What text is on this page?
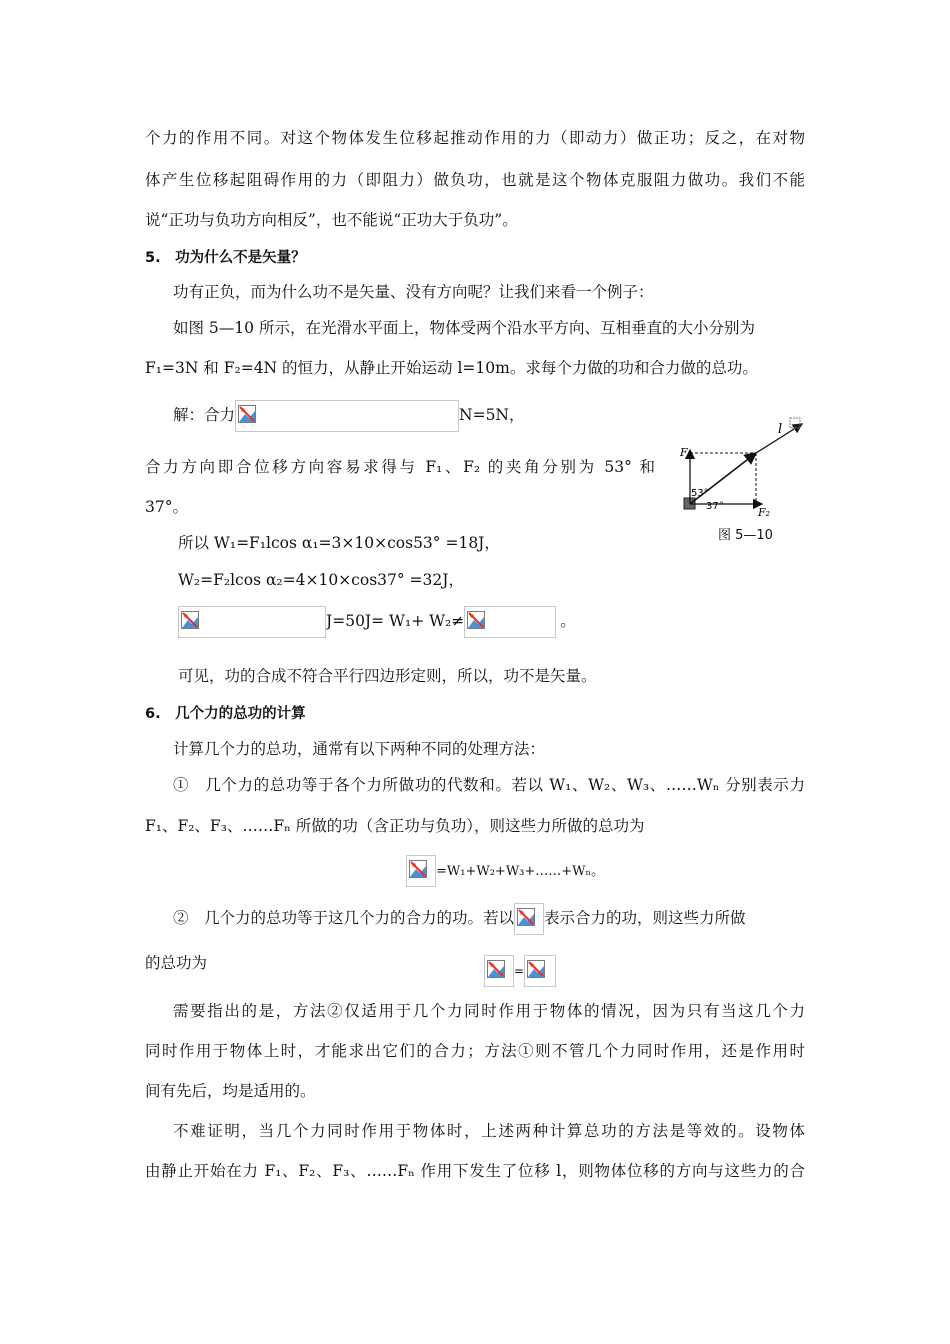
个力的作用不同。对这个物体发生位移起推动作用的力（即动力）做正功；反之，在对物
体产生位移起阻碍作用的力（即阻力）做负功，也就是这个物体克服阻力做功。我们不能
说“正功与负功方向相反”，也不能说“正功大于负功”。
5.　功为什么不是矢量？
功有正负，而为什么功不是矢量、没有方向呢？让我们来看一个例子：
如图 5—10 所示，在光滑水平面上，物体受两个沿水平方向、互相垂直的大小分别为
F₁=3N 和 F₂=4N 的恒力，从静止开始运动 l=10m。求每个力做的功和合力做的总功。
解：合力	N=5N，
合力方向即合位移方向容易求得与 F₁、F₂ 的夹角分别为 53° 和
37°。
所以 W₁=F₁lcos α₁=3×10×cos53° =18J，
W₂=F₂lcos α₂=4×10×cos37° =32J，
J=50J= W₁+ W₂≠	。
可见，功的合成不符合平行四边形定则，所以，功不是矢量。
6.　几个力的总功的计算
计算几个力的总功，通常有以下两种不同的处理方法：
①　几个力的总功等于各个力所做功的代数和。若以 W₁、W₂、W₃、……Wₙ 分别表示力
F₁、F₂、F₃、……Fₙ 所做的功（含正功与负功），则这些力所做的总功为
=W₁+W₂+W₃+……+Wₙ。
②　几个力的总功等于这几个力的合力的功。若以 表示合力的功，则这些力所做
的总功为	=
需要指出的是，方法②仅适用于几个力同时作用于物体的情况，因为只有当这几个力
同时作用于物体上时，才能求出它们的合力；方法①则不管几个力同时作用，还是作用时
间有先后，均是适用的。
不难证明，当几个力同时作用于物体时，上述两种计算总功的方法是等效的。设物体
由静止开始在力 F₁、F₂、F₃、……Fₙ 作用下发生了位移 l，则物体位移的方向与这些力的合
l
F₁
F₂
53°
37°
图 5—10
